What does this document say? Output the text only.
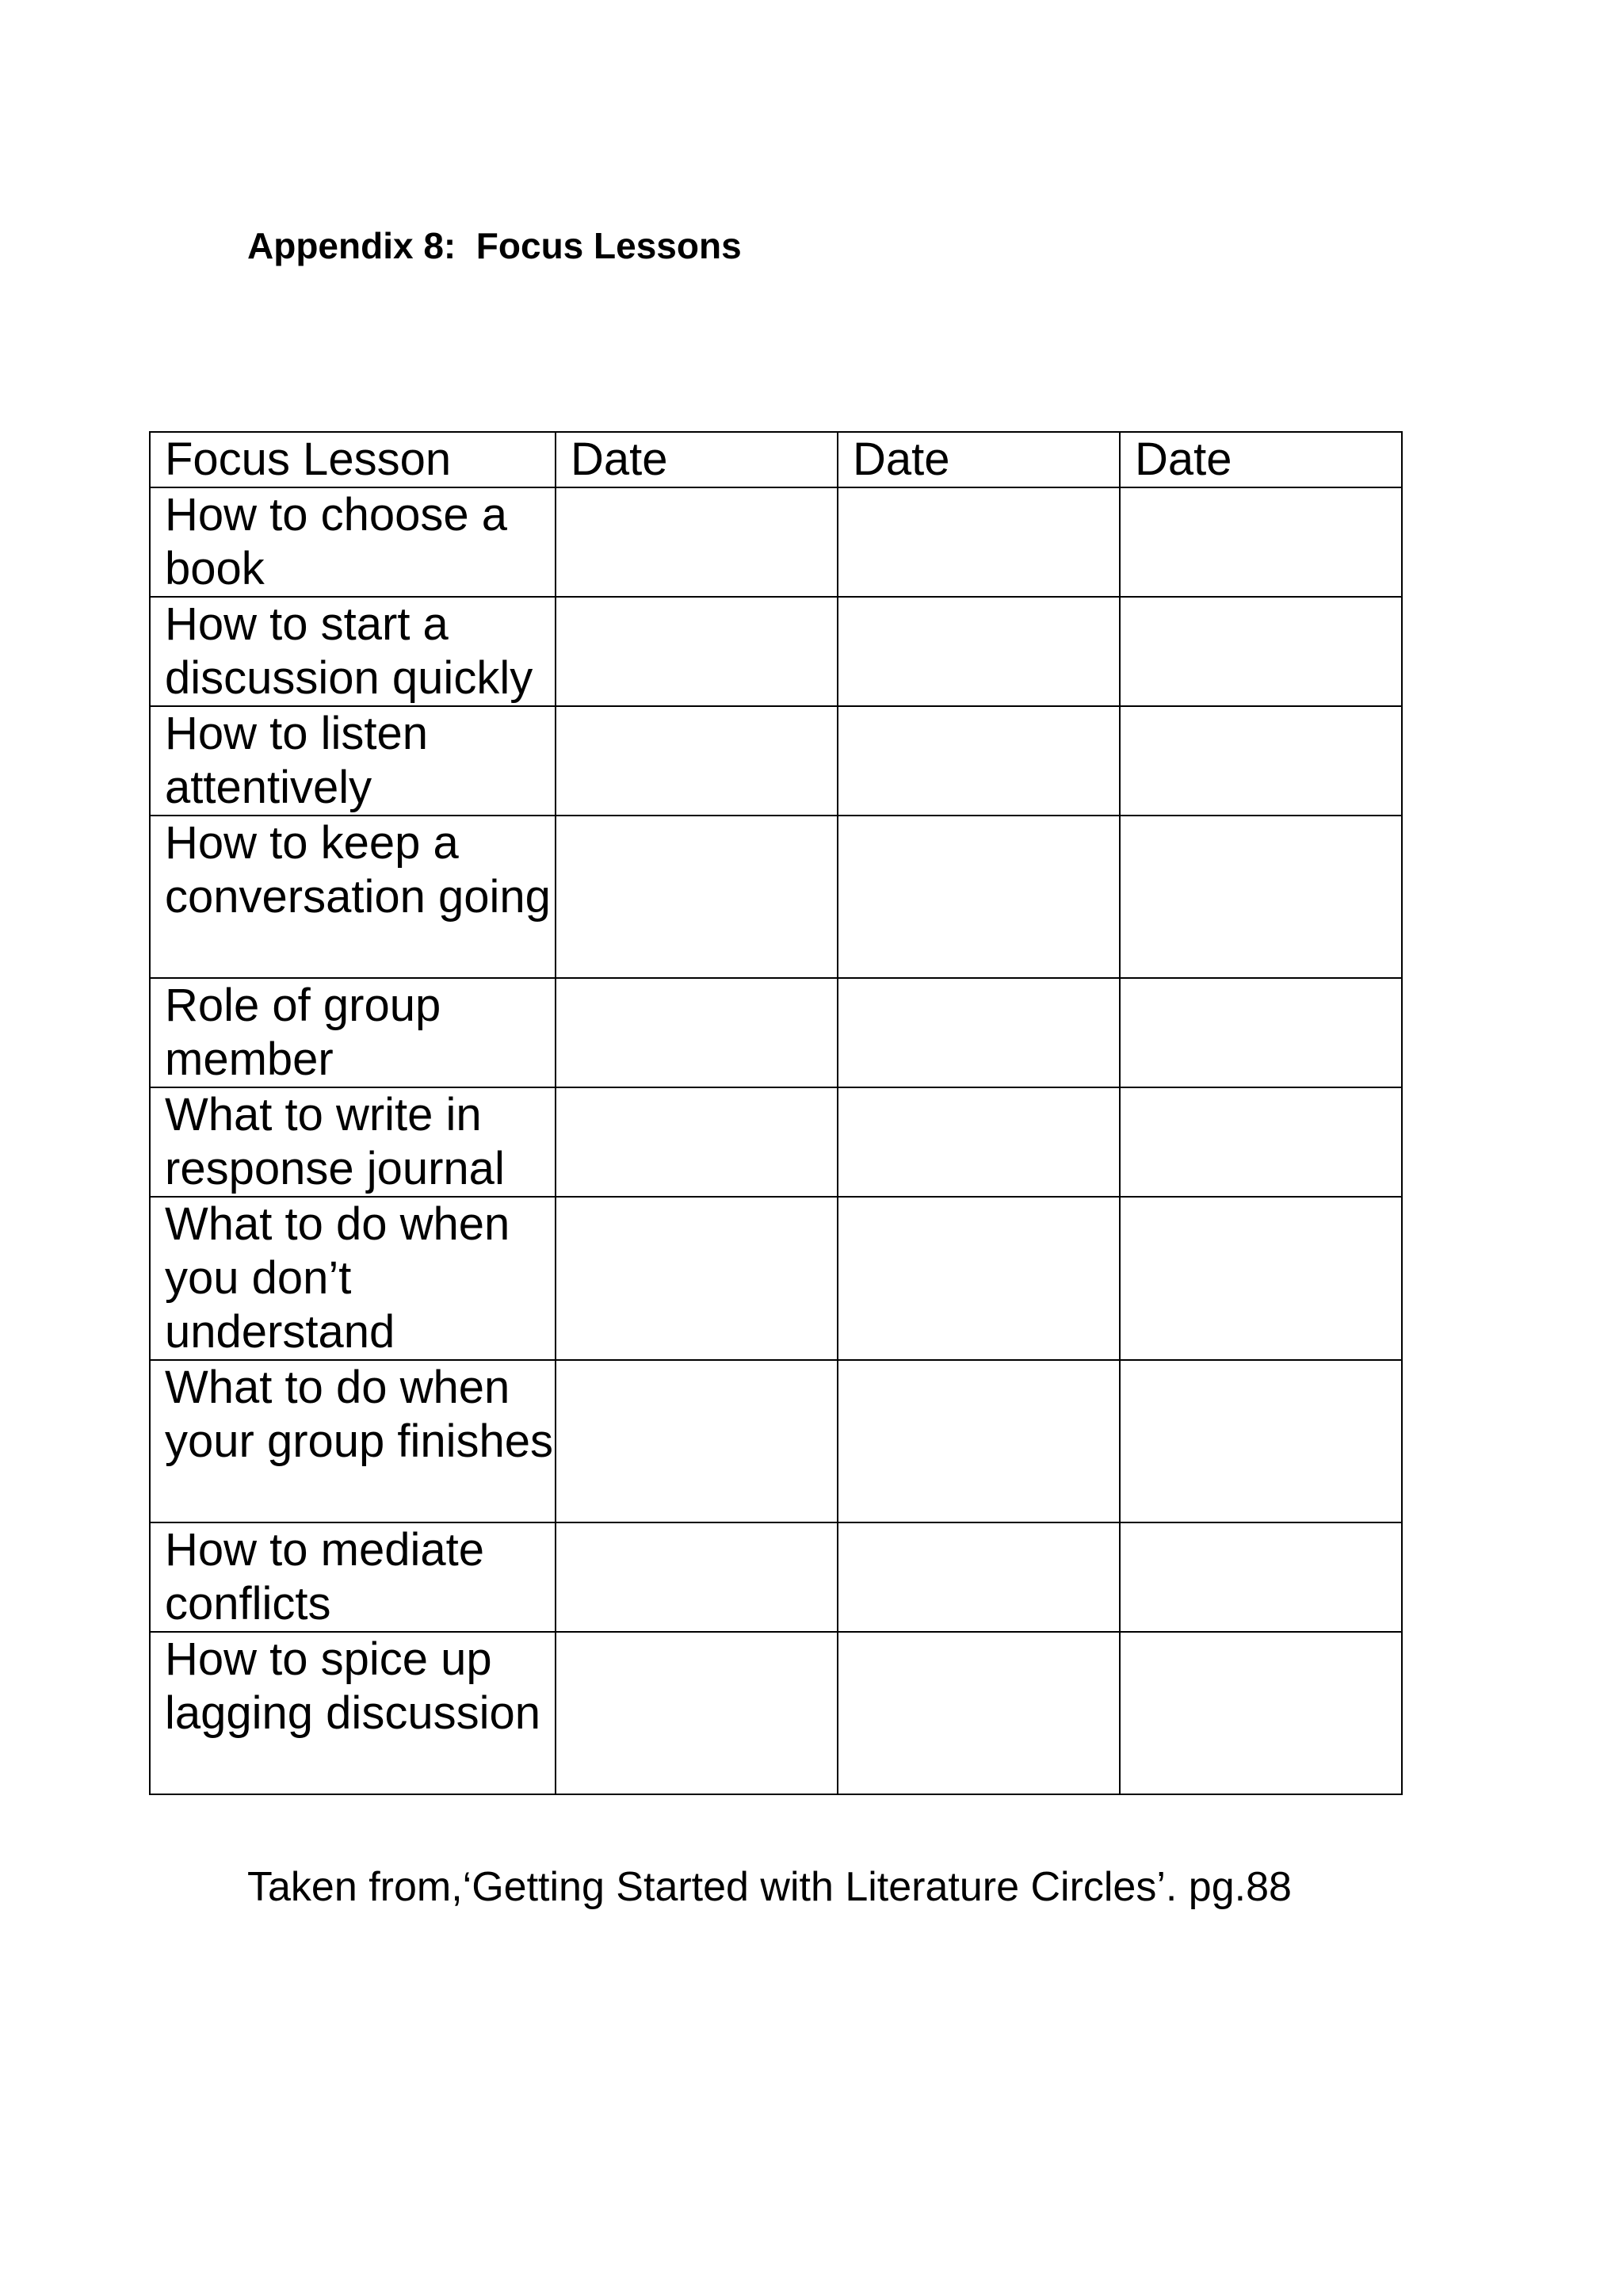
Appendix 8:  Focus Lessons
Focus Lesson	Date	Date	Date
How to choose a book			
How to start a discussion quickly			
How to listen attentively			
How to keep a conversation going			
Role of group member			
What to write in response journal			
What to do when you don’t understand			
What to do when your group finishes			
How to mediate conflicts			
How to spice up lagging discussion			

Taken from,‘Getting Started with Literature Circles’. pg.88
